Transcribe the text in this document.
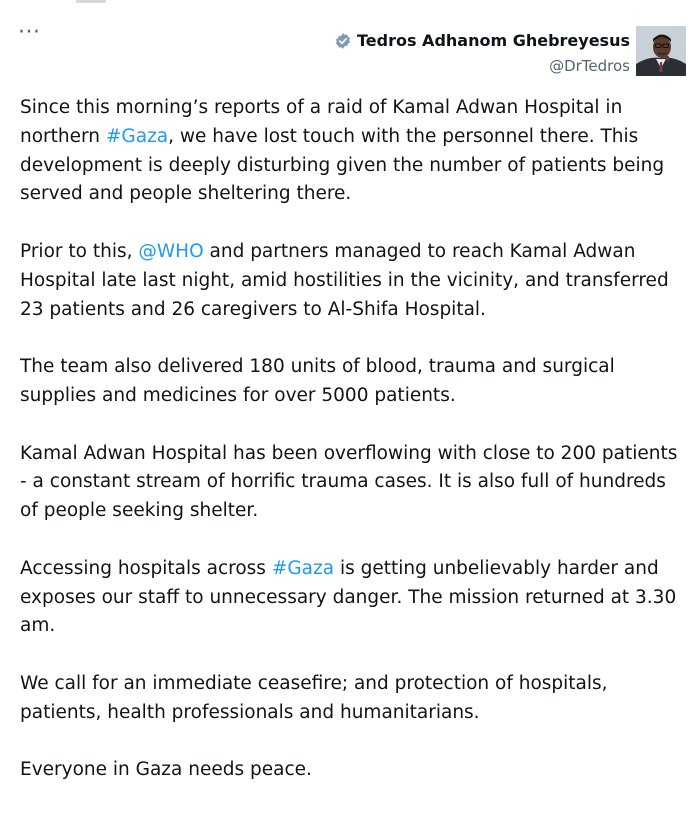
···	Tedros Adhanom Ghebreyesus
@DrTedros

Since this morning’s reports of a raid of Kamal Adwan Hospital in northern #Gaza, we have lost touch with the personnel there. This development is deeply disturbing given the number of patients being served and people sheltering there.

Prior to this, @WHO and partners managed to reach Kamal Adwan Hospital late last night, amid hostilities in the vicinity, and transferred 23 patients and 26 caregivers to Al-Shifa Hospital.

The team also delivered 180 units of blood, trauma and surgical supplies and medicines for over 5000 patients.

Kamal Adwan Hospital has been overflowing with close to 200 patients - a constant stream of horrific trauma cases. It is also full of hundreds of people seeking shelter.

Accessing hospitals across #Gaza is getting unbelievably harder and exposes our staff to unnecessary danger. The mission returned at 3.30 am.

We call for an immediate ceasefire; and protection of hospitals, patients, health professionals and humanitarians.

Everyone in Gaza needs peace.
